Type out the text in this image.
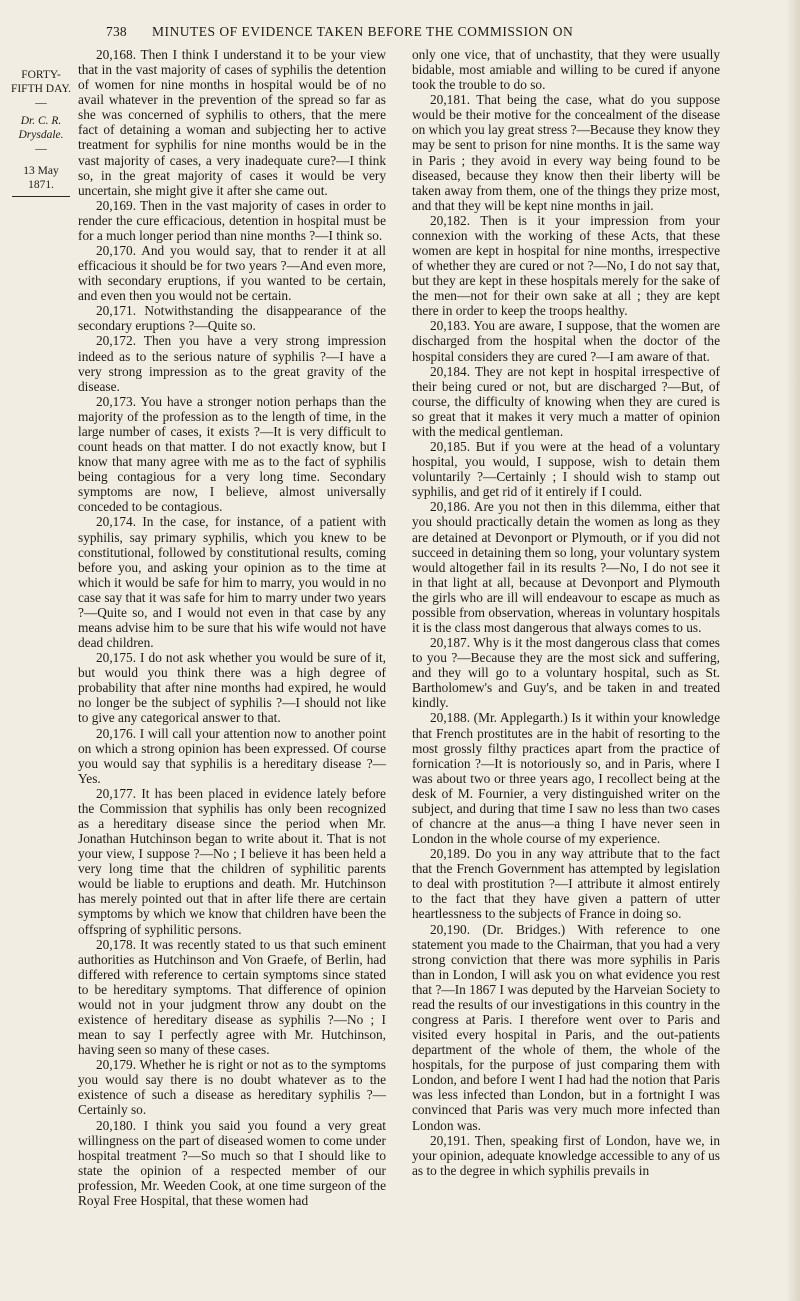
738 MINUTES OF EVIDENCE TAKEN BEFORE THE COMMISSION ON
FORTY- FIFTH DAY.
—
Dr. C. R. Drysdale.
—
13 May 1871.

20,168. Then I think I understand it to be your view that in the vast majority of cases of syphilis the detention of women for nine months in hospital would be of no avail whatever in the prevention of the spread so far as she was concerned of syphilis to others, that the mere fact of detaining a woman and subjecting her to active treatment for syphilis for nine months would be in the vast majority of cases, a very inadequate cure?—I think so, in the great majority of cases it would be very uncertain, she might give it after she came out.

20,169. Then in the vast majority of cases in order to render the cure efficacious, detention in hospital must be for a much longer period than nine months ?—I think so.

20,170. And you would say, that to render it at all efficacious it should be for two years ?—And even more, with secondary eruptions, if you wanted to be certain, and even then you would not be certain.

20,171. Notwithstanding the disappearance of the secondary eruptions ?—Quite so.

20,172. Then you have a very strong impression indeed as to the serious nature of syphilis ?—I have a very strong impression as to the great gravity of the disease.

20,173. You have a stronger notion perhaps than the majority of the profession as to the length of time, in the large number of cases, it exists ?—It is very difficult to count heads on that matter. I do not exactly know, but I know that many agree with me as to the fact of syphilis being contagious for a very long time. Secondary symptoms are now, I believe, almost universally conceded to be contagious.

20,174. In the case, for instance, of a patient with syphilis, say primary syphilis, which you knew to be constitutional, followed by constitutional results, coming before you, and asking your opinion as to the time at which it would be safe for him to marry, you would in no case say that it was safe for him to marry under two years ?—Quite so, and I would not even in that case by any means advise him to be sure that his wife would not have dead children.

20,175. I do not ask whether you would be sure of it, but would you think there was a high degree of probability that after nine months had expired, he would no longer be the subject of syphilis ?—I should not like to give any categorical answer to that.

20,176. I will call your attention now to another point on which a strong opinion has been expressed. Of course you would say that syphilis is a hereditary disease ?—Yes.

20,177. It has been placed in evidence lately before the Commission that syphilis has only been recognized as a hereditary disease since the period when Mr. Jonathan Hutchinson began to write about it. That is not your view, I suppose ?—No ; I believe it has been held a very long time that the children of syphilitic parents would be liable to eruptions and death. Mr. Hutchinson has merely pointed out that in after life there are certain symptoms by which we know that children have been the offspring of syphilitic persons.

20,178. It was recently stated to us that such eminent authorities as Hutchinson and Von Graefe, of Berlin, had differed with reference to certain symptoms since stated to be hereditary symptoms. That difference of opinion would not in your judgment throw any doubt on the existence of hereditary disease as syphilis ?—No ; I mean to say I perfectly agree with Mr. Hutchinson, having seen so many of these cases.

20,179. Whether he is right or not as to the symptoms you would say there is no doubt whatever as to the existence of such a disease as hereditary syphilis ?—Certainly so.

20,180. I think you said you found a very great willingness on the part of diseased women to come under hospital treatment ?—So much so that I should like to state the opinion of a respected member of our profession, Mr. Weeden Cook, at one time surgeon of the Royal Free Hospital, that these women had

only one vice, that of unchastity, that they were usually bidable, most amiable and willing to be cured if anyone took the trouble to do so.

20,181. That being the case, what do you suppose would be their motive for the concealment of the disease on which you lay great stress ?—Because they know they may be sent to prison for nine months. It is the same way in Paris ; they avoid in every way being found to be diseased, because they know then their liberty will be taken away from them, one of the things they prize most, and that they will be kept nine months in jail.

20,182. Then is it your impression from your connexion with the working of these Acts, that these women are kept in hospital for nine months, irrespective of whether they are cured or not ?—No, I do not say that, but they are kept in these hospitals merely for the sake of the men—not for their own sake at all ; they are kept there in order to keep the troops healthy.

20,183. You are aware, I suppose, that the women are discharged from the hospital when the doctor of the hospital considers they are cured ?—I am aware of that.

20,184. They are not kept in hospital irrespective of their being cured or not, but are discharged ?—But, of course, the difficulty of knowing when they are cured is so great that it makes it very much a matter of opinion with the medical gentleman.

20,185. But if you were at the head of a voluntary hospital, you would, I suppose, wish to detain them voluntarily ?—Certainly ; I should wish to stamp out syphilis, and get rid of it entirely if I could.

20,186. Are you not then in this dilemma, either that you should practically detain the women as long as they are detained at Devonport or Plymouth, or if you did not succeed in detaining them so long, your voluntary system would altogether fail in its results ?—No, I do not see it in that light at all, because at Devonport and Plymouth the girls who are ill will endeavour to escape as much as possible from observation, whereas in voluntary hospitals it is the class most dangerous that always comes to us.

20,187. Why is it the most dangerous class that comes to you ?—Because they are the most sick and suffering, and they will go to a voluntary hospital, such as St. Bartholomew's and Guy's, and be taken in and treated kindly.

20,188. (Mr. Applegarth.) Is it within your knowledge that French prostitutes are in the habit of resorting to the most grossly filthy practices apart from the practice of fornication ?—It is notoriously so, and in Paris, where I was about two or three years ago, I recollect being at the desk of M. Fournier, a very distinguished writer on the subject, and during that time I saw no less than two cases of chancre at the anus—a thing I have never seen in London in the whole course of my experience.

20,189. Do you in any way attribute that to the fact that the French Government has attempted by legislation to deal with prostitution ?—I attribute it almost entirely to the fact that they have given a pattern of utter heartlessness to the subjects of France in doing so.

20,190. (Dr. Bridges.) With reference to one statement you made to the Chairman, that you had a very strong conviction that there was more syphilis in Paris than in London, I will ask you on what evidence you rest that ?—In 1867 I was deputed by the Harveian Society to read the results of our investigations in this country in the congress at Paris. I therefore went over to Paris and visited every hospital in Paris, and the out-patients department of the whole of them, the whole of the hospitals, for the purpose of just comparing them with London, and before I went I had had the notion that Paris was less infected than London, but in a fortnight I was convinced that Paris was very much more infected than London was.

20,191. Then, speaking first of London, have we, in your opinion, adequate knowledge accessible to any of us as to the degree in which syphilis prevails in
